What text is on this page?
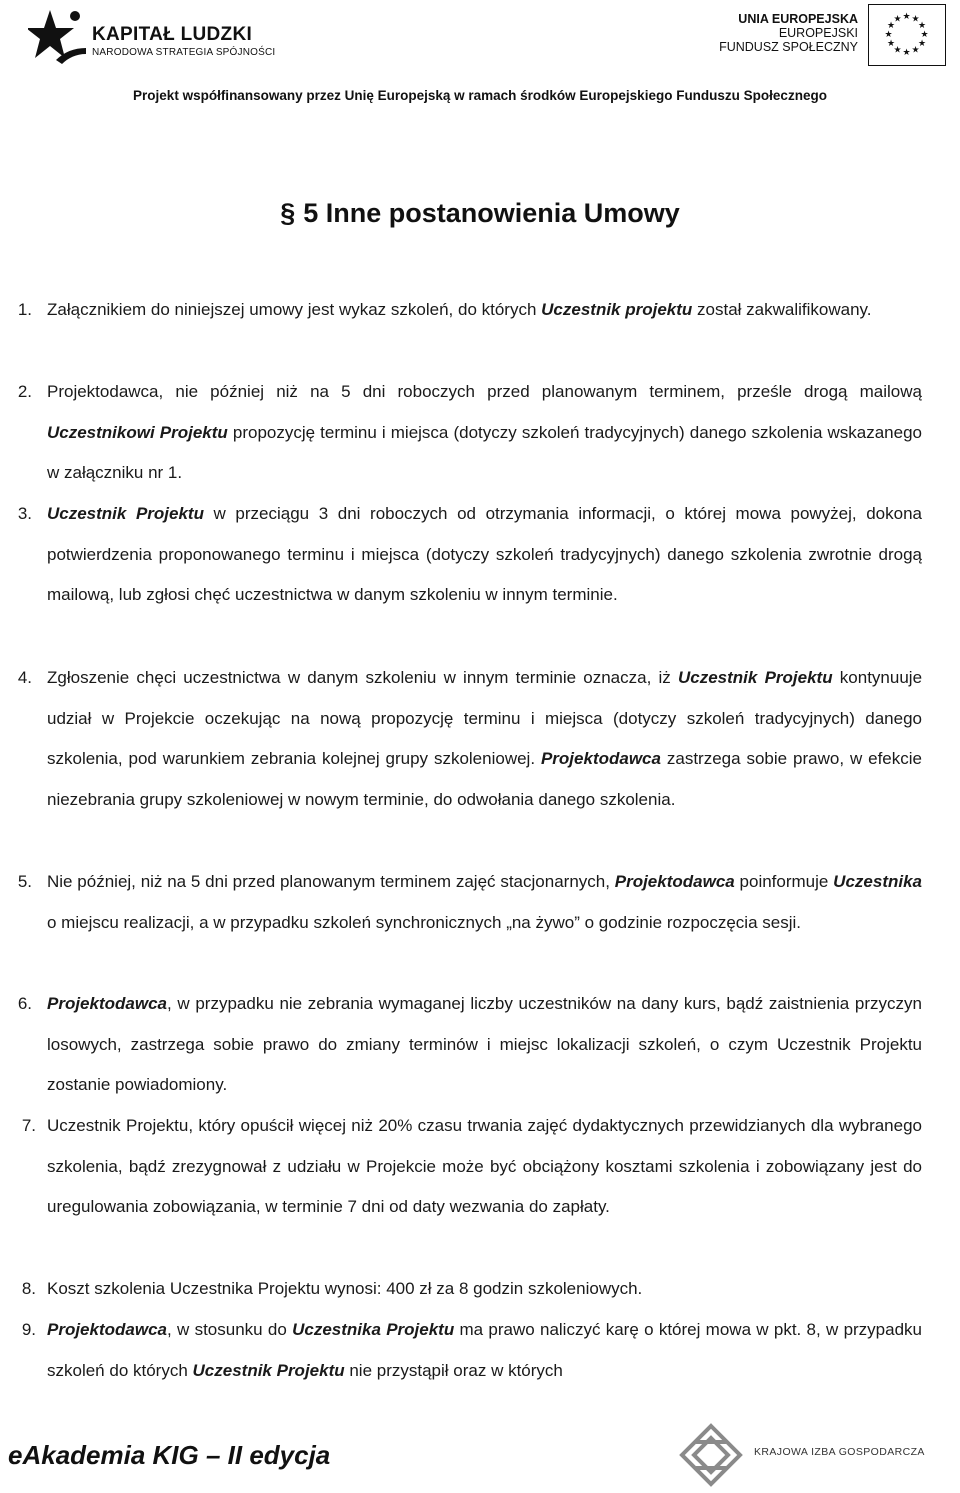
KAPITAŁ LUDZKI
NARODOWA STRATEGIA SPÓJNOŚCI
UNIA EUROPEJSKA
EUROPEJSKI
FUNDUSZ SPOŁECZNY
★ ★
★
★
★
★
★
★
★
★
★
★
Projekt współfinansowany przez Unię Europejską w ramach środków Europejskiego Funduszu Społecznego
§ 5 Inne postanowienia Umowy
1. Załącznikiem do niniejszej umowy jest wykaz szkoleń, do których Uczestnik projektu został zakwalifikowany.
2. Projektodawca, nie później niż na 5 dni roboczych przed planowanym terminem, prześle drogą mailową Uczestnikowi Projektu propozycję terminu i miejsca (dotyczy szkoleń tradycyjnych) danego szkolenia wskazanego w załączniku nr 1.
3. Uczestnik Projektu w przeciągu 3 dni roboczych od otrzymania informacji, o której mowa powyżej, dokona potwierdzenia proponowanego terminu i miejsca (dotyczy szkoleń tradycyjnych) danego szkolenia zwrotnie drogą mailową, lub zgłosi chęć uczestnictwa w danym szkoleniu w innym terminie.
4. Zgłoszenie chęci uczestnictwa w danym szkoleniu w innym terminie oznacza, iż Uczestnik Projektu kontynuuje udział w Projekcie oczekując na nową propozycję terminu i miejsca (dotyczy szkoleń tradycyjnych) danego szkolenia, pod warunkiem zebrania kolejnej grupy szkoleniowej. Projektodawca zastrzega sobie prawo, w efekcie niezebrania grupy szkoleniowej w nowym terminie, do odwołania danego szkolenia.
5. Nie później, niż na 5 dni przed planowanym terminem zajęć stacjonarnych, Projektodawca poinformuje Uczestnika o miejscu realizacji, a w przypadku szkoleń synchronicznych „na żywo” o godzinie rozpoczęcia sesji.
6. Projektodawca, w przypadku nie zebrania wymaganej liczby uczestników na dany kurs, bądź zaistnienia przyczyn losowych, zastrzega sobie prawo do zmiany terminów i miejsc lokalizacji szkoleń, o czym Uczestnik Projektu zostanie powiadomiony.
7. Uczestnik Projektu, który opuścił więcej niż 20% czasu trwania zajęć dydaktycznych przewidzianych dla wybranego szkolenia, bądź zrezygnował z udziału w Projekcie może być obciążony kosztami szkolenia i zobowiązany jest do uregulowania zobowiązania, w terminie 7 dni od daty wezwania do zapłaty.
8. Koszt szkolenia Uczestnika Projektu wynosi: 400 zł za 8 godzin szkoleniowych.
9. Projektodawca, w stosunku do Uczestnika Projektu ma prawo naliczyć karę o której mowa w pkt. 8, w przypadku szkoleń do których Uczestnik Projektu nie przystąpił oraz w których
eAkademia KIG – II edycja	KRAJOWA IZBA GOSPODARCZA
